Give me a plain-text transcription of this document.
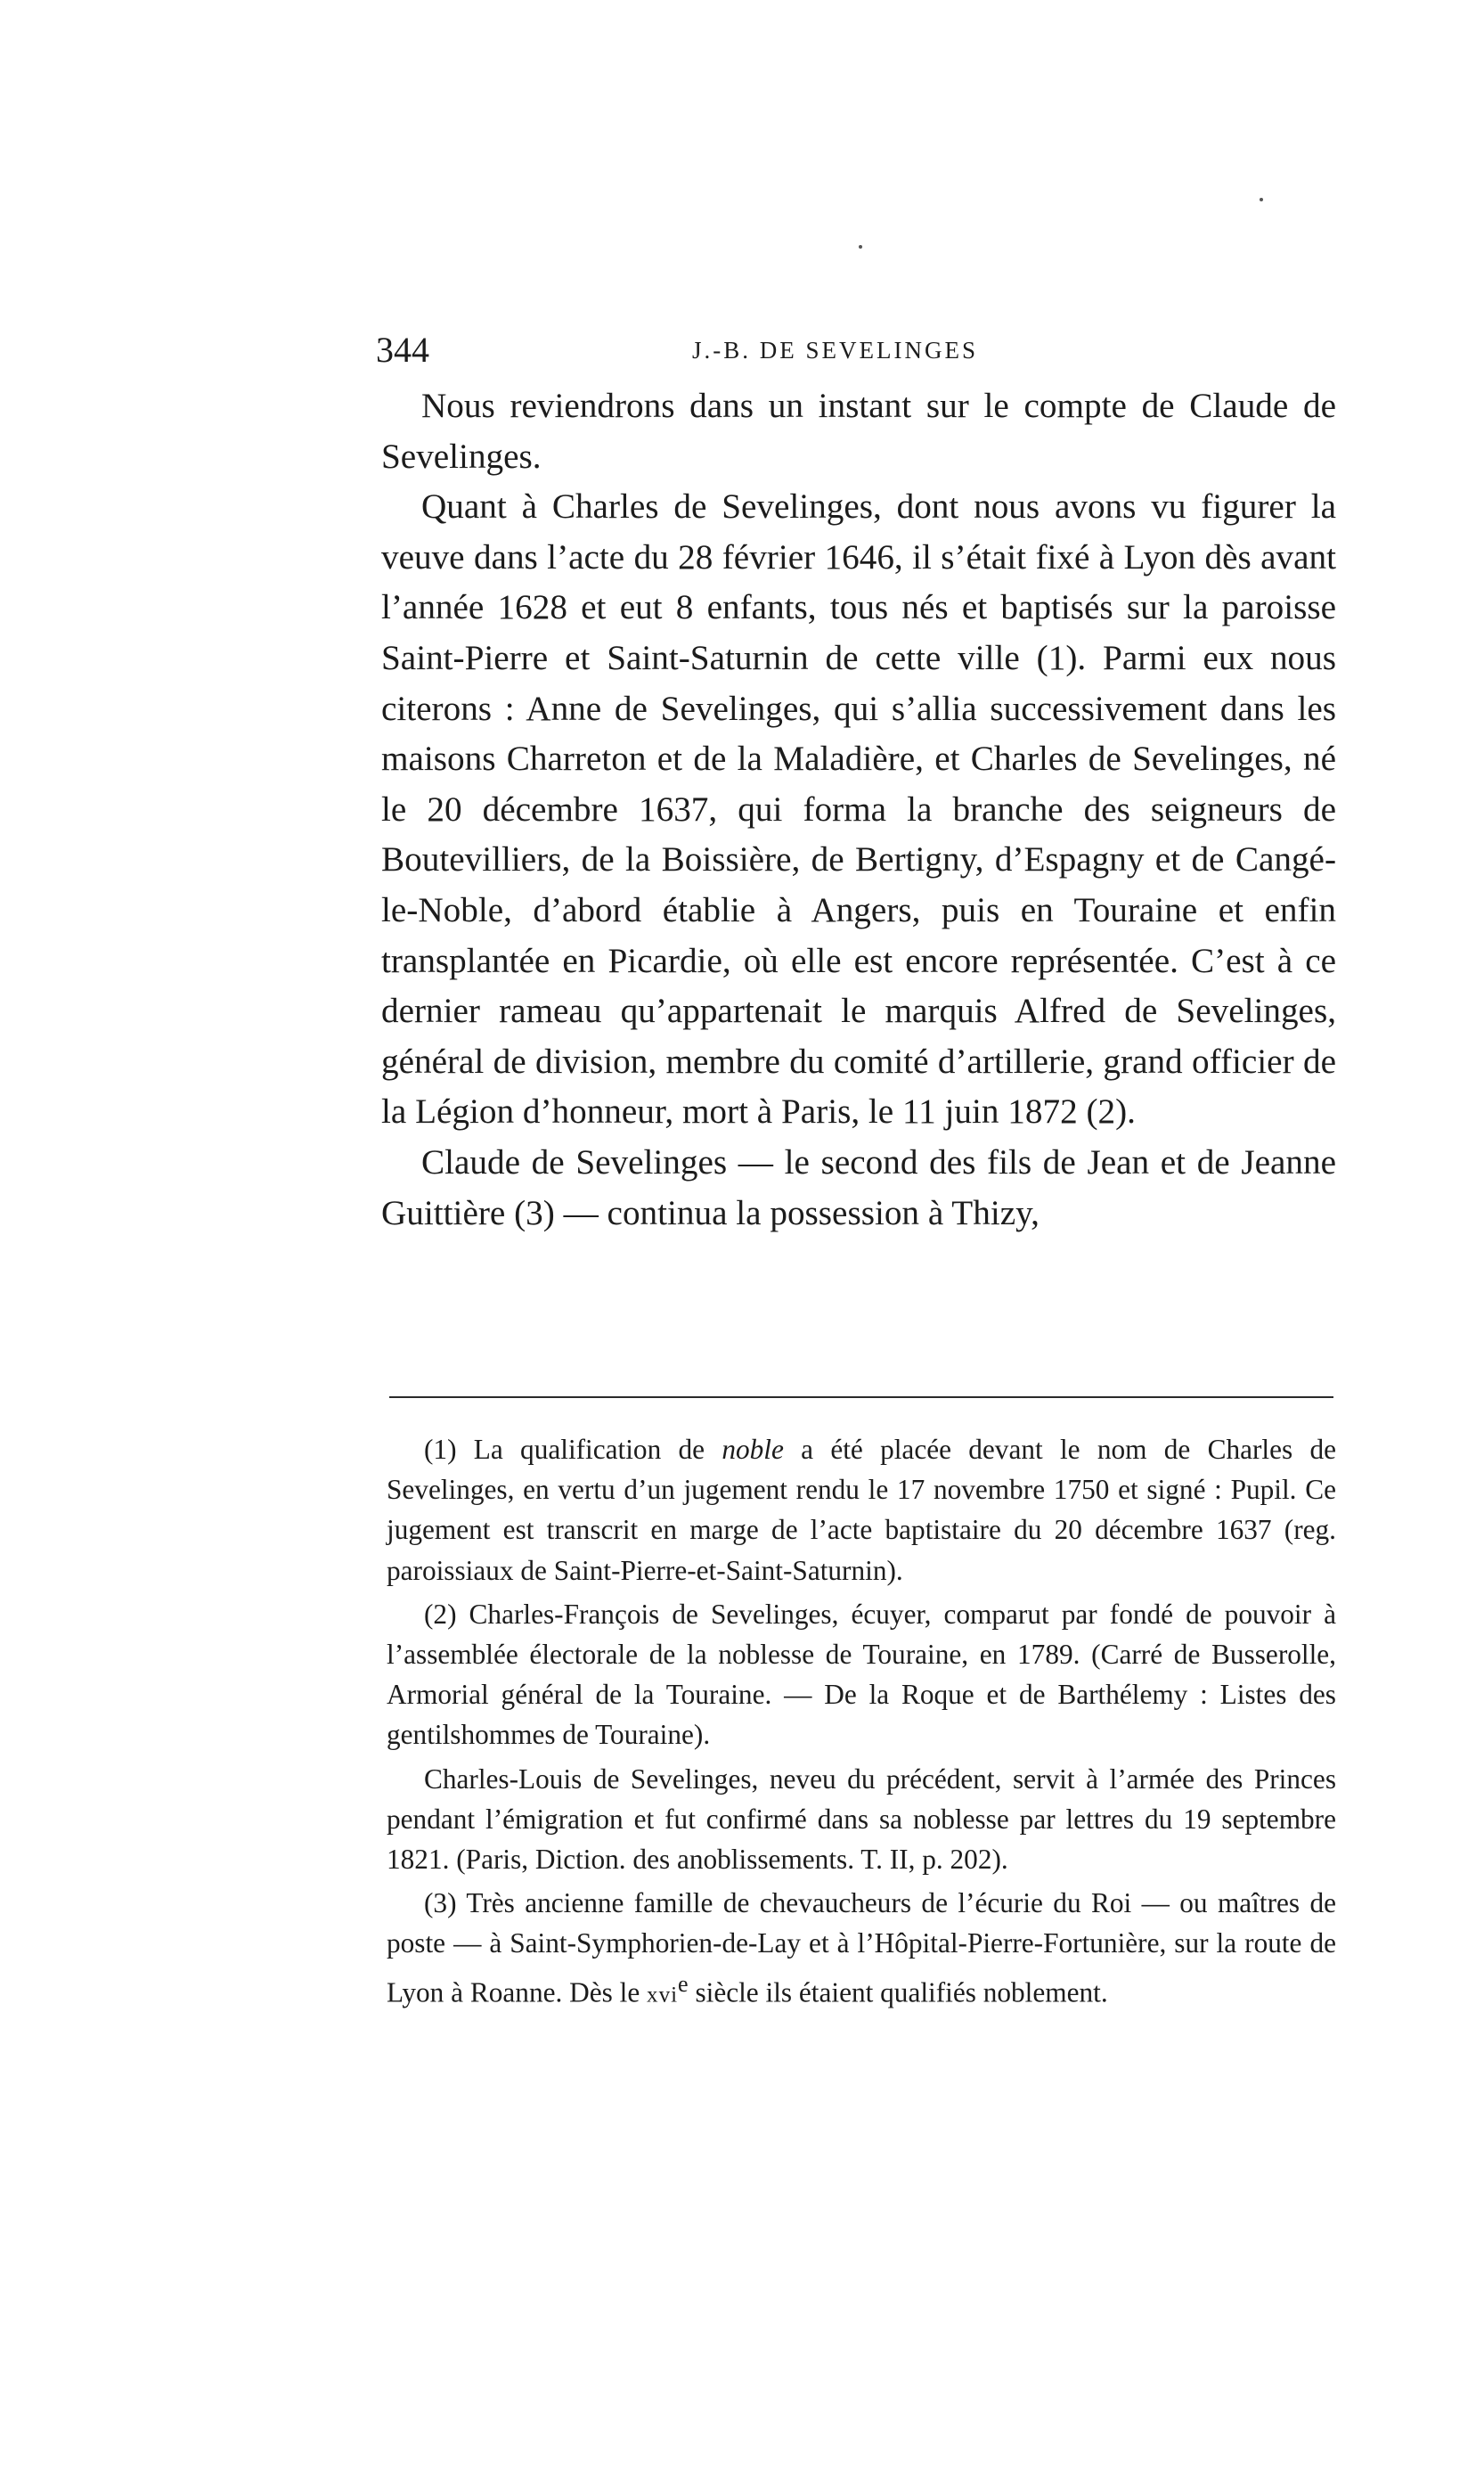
344	J.-B. DE SEVELINGES

Nous reviendrons dans un instant sur le compte de Claude de Sevelinges.

Quant à Charles de Sevelinges, dont nous avons vu figurer la veuve dans l’acte du 28 février 1646, il s’était fixé à Lyon dès avant l’année 1628 et eut 8 enfants, tous nés et baptisés sur la paroisse Saint-Pierre et Saint-Saturnin de cette ville (1). Parmi eux nous citerons : Anne de Sevelinges, qui s’allia successivement dans les maisons Charreton et de la Maladière, et Charles de Sevelinges, né le 20 décembre 1637, qui forma la branche des seigneurs de Boutevilliers, de la Boissière, de Bertigny, d’Espagny et de Cangé-le-Noble, d’abord établie à Angers, puis en Touraine et enfin transplantée en Picardie, où elle est encore représentée. C’est à ce dernier rameau qu’appartenait le marquis Alfred de Sevelinges, général de division, membre du comité d’artillerie, grand officier de la Légion d’honneur, mort à Paris, le 11 juin 1872 (2).

Claude de Sevelinges — le second des fils de Jean et de Jeanne Guittière (3) — continua la possession à Thizy,

(1) La qualification de noble a été placée devant le nom de Charles de Sevelinges, en vertu d’un jugement rendu le 17 novembre 1750 et signé : Pupil. Ce jugement est transcrit en marge de l’acte baptistaire du 20 décembre 1637 (reg. paroissiaux de Saint-Pierre-et-Saint-Saturnin).

(2) Charles-François de Sevelinges, écuyer, comparut par fondé de pouvoir à l’assemblée électorale de la noblesse de Touraine, en 1789. (Carré de Busserolle, Armorial général de la Touraine. — De la Roque et de Barthélemy : Listes des gentilshommes de Touraine).

Charles-Louis de Sevelinges, neveu du précédent, servit à l’armée des Princes pendant l’émigration et fut confirmé dans sa noblesse par lettres du 19 septembre 1821. (Paris, Diction. des anoblissements. T. II, p. 202).

(3) Très ancienne famille de chevaucheurs de l’écurie du Roi — ou maîtres de poste — à Saint-Symphorien-de-Lay et à l’Hôpital-Pierre-Fortunière, sur la route de Lyon à Roanne. Dès le xvi$^e$ siècle ils étaient qualifiés noblement.
